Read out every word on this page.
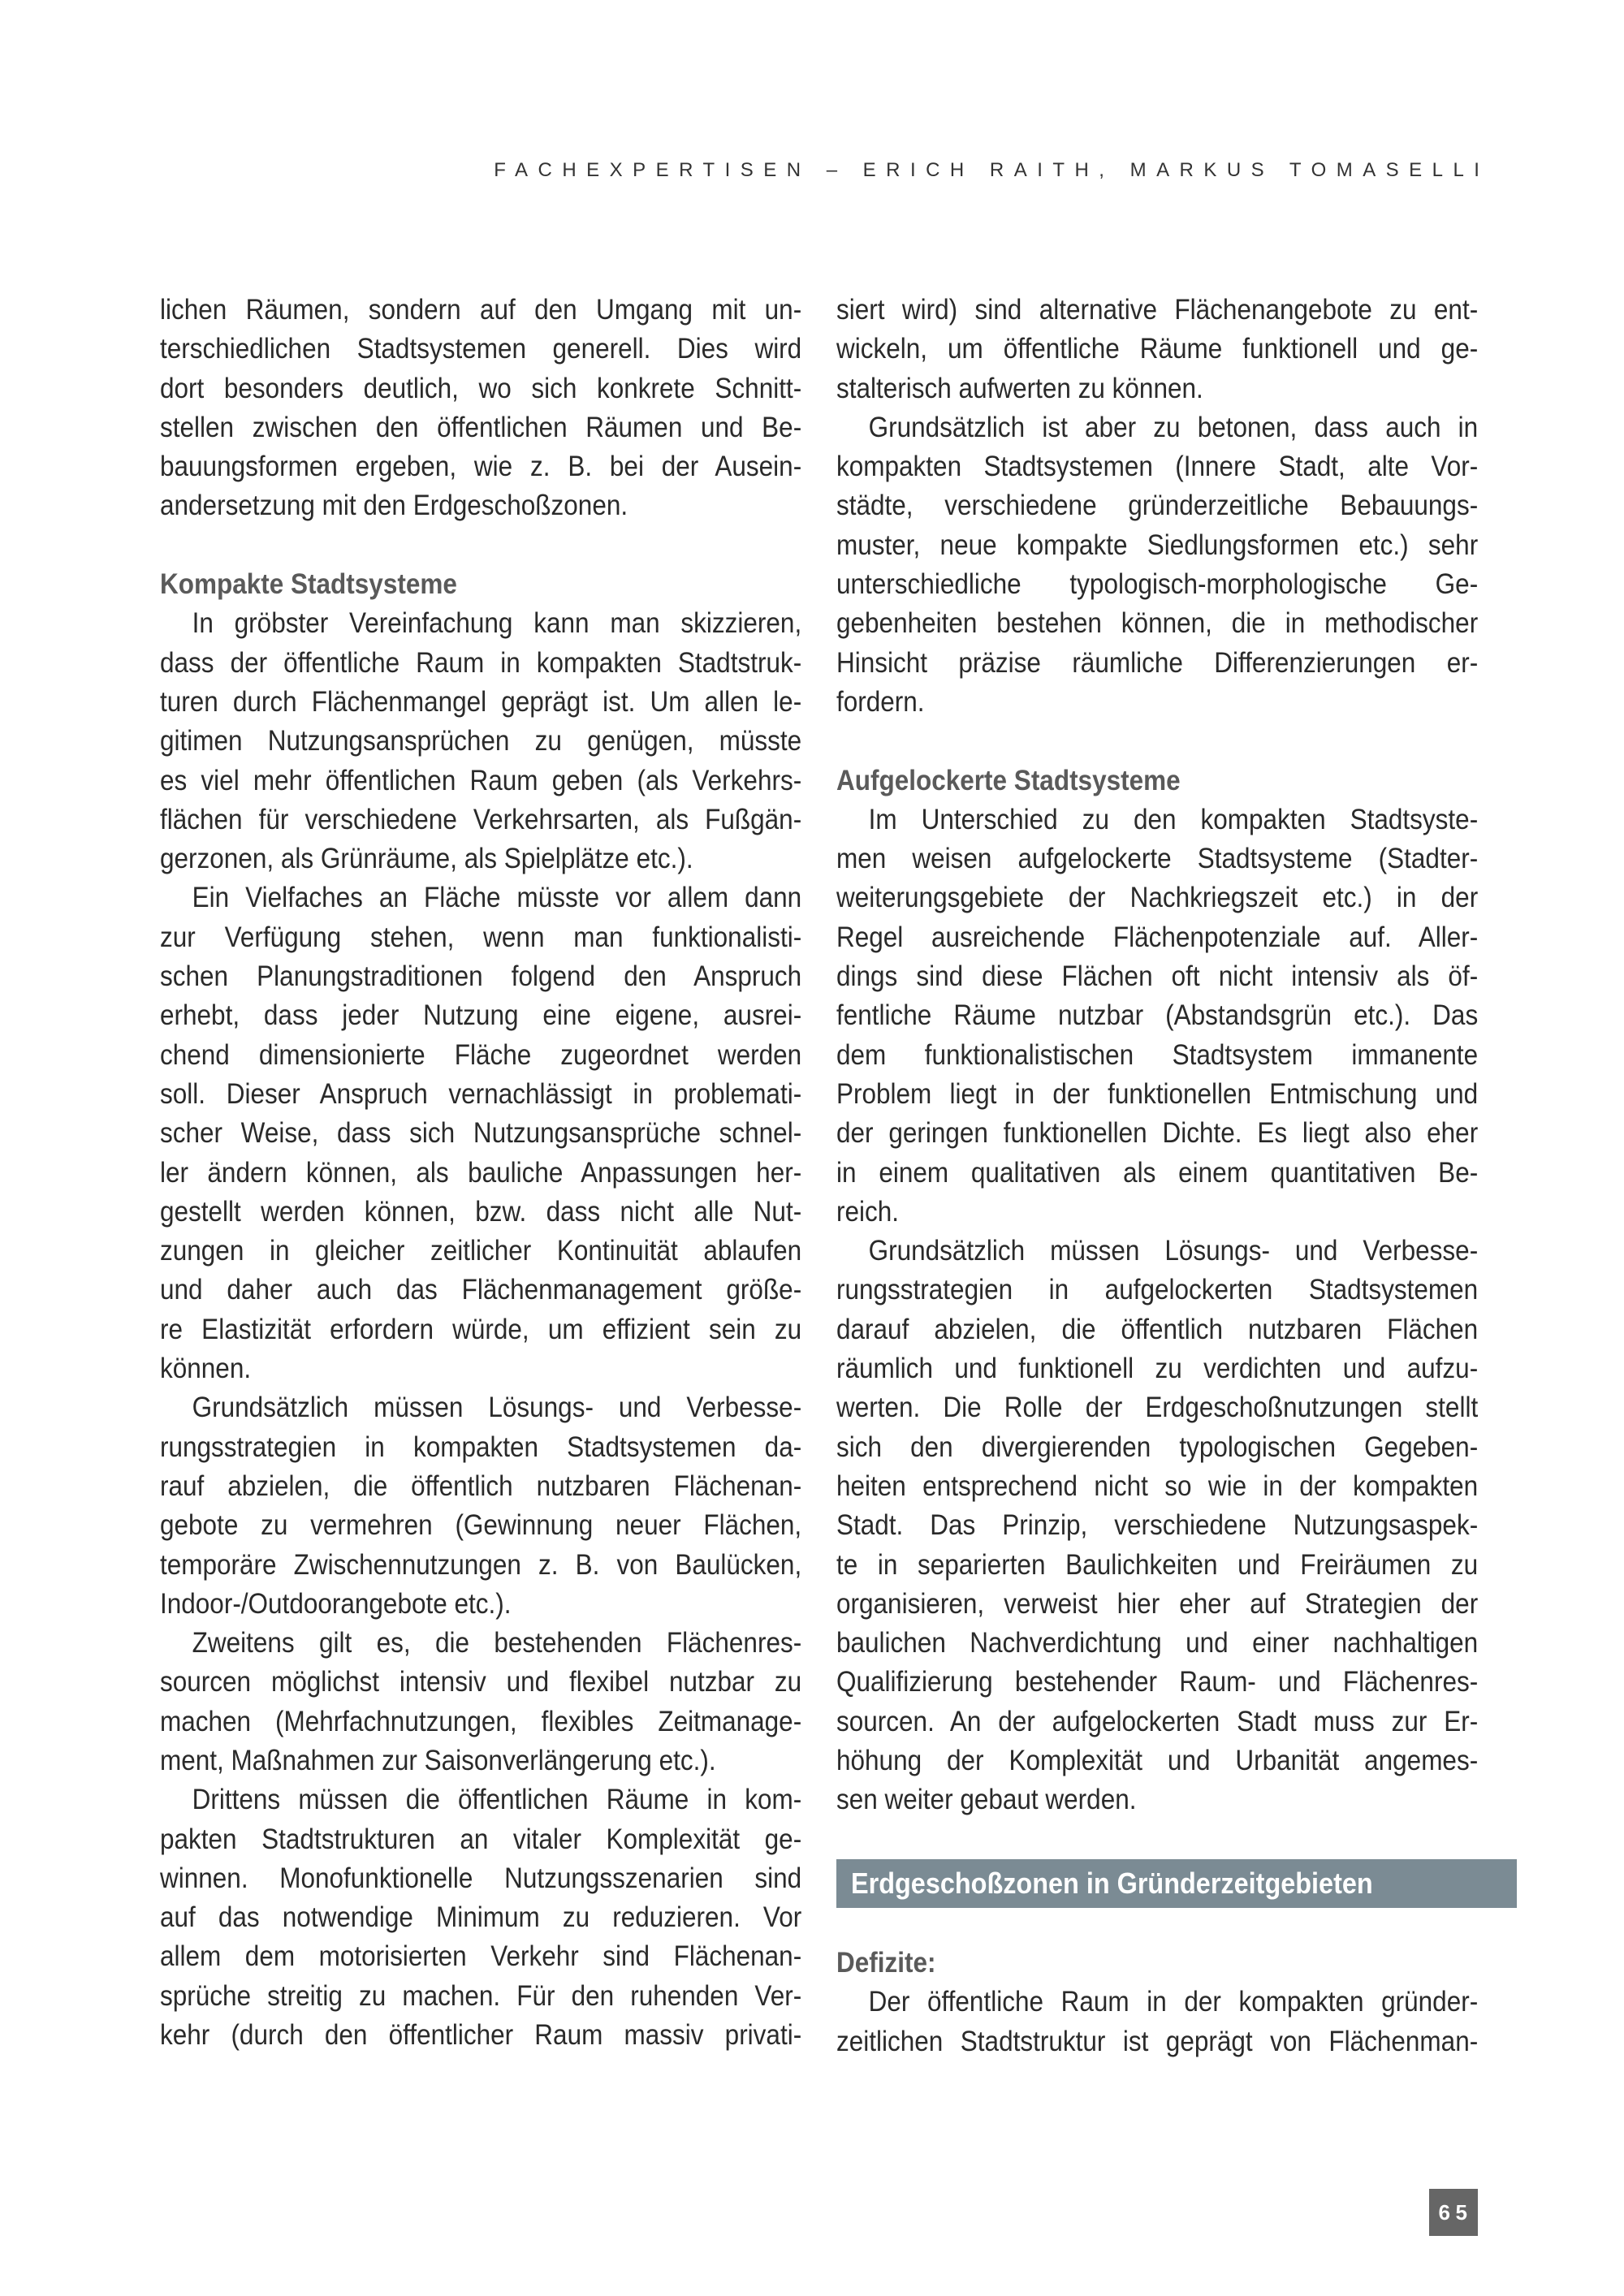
FACHEXPERTISEN – ERICH RAITH, MARKUS TOMASELLI
lichen Räumen, sondern auf den Umgang mit un-
terschiedlichen Stadtsystemen generell. Dies wird
dort besonders deutlich, wo sich konkrete Schnitt-
stellen zwischen den öffentlichen Räumen und Be-
bauungsformen ergeben, wie z. B. bei der Ausein-
andersetzung mit den Erdgeschoßzonen.
Kompakte Stadtsysteme
In gröbster Vereinfachung kann man skizzieren,
dass der öffentliche Raum in kompakten Stadtstruk-
turen durch Flächenmangel geprägt ist. Um allen le-
gitimen Nutzungsansprüchen zu genügen, müsste
es viel mehr öffentlichen Raum geben (als Verkehrs-
flächen für verschiedene Verkehrsarten, als Fußgän-
gerzonen, als Grünräume, als Spielplätze etc.).
Ein Vielfaches an Fläche müsste vor allem dann
zur Verfügung stehen, wenn man funktionalisti-
schen Planungstraditionen folgend den Anspruch
erhebt, dass jeder Nutzung eine eigene, ausrei-
chend dimensionierte Fläche zugeordnet werden
soll. Dieser Anspruch vernachlässigt in problemati-
scher Weise, dass sich Nutzungsansprüche schnel-
ler ändern können, als bauliche Anpassungen her-
gestellt werden können, bzw. dass nicht alle Nut-
zungen in gleicher zeitlicher Kontinuität ablaufen
und daher auch das Flächenmanagement größe-
re Elastizität erfordern würde, um effizient sein zu
können.
Grundsätzlich müssen Lösungs- und Verbesse-
rungsstrategien in kompakten Stadtsystemen da-
rauf abzielen, die öffentlich nutzbaren Flächenan-
gebote zu vermehren (Gewinnung neuer Flächen,
temporäre Zwischennutzungen z. B. von Baulücken,
Indoor-/Outdoorangebote etc.).
Zweitens gilt es, die bestehenden Flächenres-
sourcen möglichst intensiv und flexibel nutzbar zu
machen (Mehrfachnutzungen, flexibles Zeitmanage-
ment, Maßnahmen zur Saisonverlängerung etc.).
Drittens müssen die öffentlichen Räume in kom-
pakten Stadtstrukturen an vitaler Komplexität ge-
winnen. Monofunktionelle Nutzungsszenarien sind
auf das notwendige Minimum zu reduzieren. Vor
allem dem motorisierten Verkehr sind Flächenan-
sprüche streitig zu machen. Für den ruhenden Ver-
kehr (durch den öffentlicher Raum massiv privati-
siert wird) sind alternative Flächenangebote zu ent-
wickeln, um öffentliche Räume funktionell und ge-
stalterisch aufwerten zu können.
Grundsätzlich ist aber zu betonen, dass auch in
kompakten Stadtsystemen (Innere Stadt, alte Vor-
städte, verschiedene gründerzeitliche Bebauungs-
muster, neue kompakte Siedlungsformen etc.) sehr
unterschiedliche typologisch-morphologische Ge-
gebenheiten bestehen können, die in methodischer
Hinsicht präzise räumliche Differenzierungen er-
fordern.
Aufgelockerte Stadtsysteme
Im Unterschied zu den kompakten Stadtsyste-
men weisen aufgelockerte Stadtsysteme (Stadter-
weiterungsgebiete der Nachkriegszeit etc.) in der
Regel ausreichende Flächenpotenziale auf. Aller-
dings sind diese Flächen oft nicht intensiv als öf-
fentliche Räume nutzbar (Abstandsgrün etc.). Das
dem funktionalistischen Stadtsystem immanente
Problem liegt in der funktionellen Entmischung und
der geringen funktionellen Dichte. Es liegt also eher
in einem qualitativen als einem quantitativen Be-
reich.
Grundsätzlich müssen Lösungs- und Verbesse-
rungsstrategien in aufgelockerten Stadtsystemen
darauf abzielen, die öffentlich nutzbaren Flächen
räumlich und funktionell zu verdichten und aufzu-
werten. Die Rolle der Erdgeschoßnutzungen stellt
sich den divergierenden typologischen Gegeben-
heiten entsprechend nicht so wie in der kompakten
Stadt. Das Prinzip, verschiedene Nutzungsaspek-
te in separierten Baulichkeiten und Freiräumen zu
organisieren, verweist hier eher auf Strategien der
baulichen Nachverdichtung und einer nachhaltigen
Qualifizierung bestehender Raum- und Flächenres-
sourcen. An der aufgelockerten Stadt muss zur Er-
höhung der Komplexität und Urbanität angemes-
sen weiter gebaut werden.
Erdgeschoßzonen in Gründerzeitgebieten
Defizite:
Der öffentliche Raum in der kompakten gründer-
zeitlichen Stadtstruktur ist geprägt von Flächenman-
65
